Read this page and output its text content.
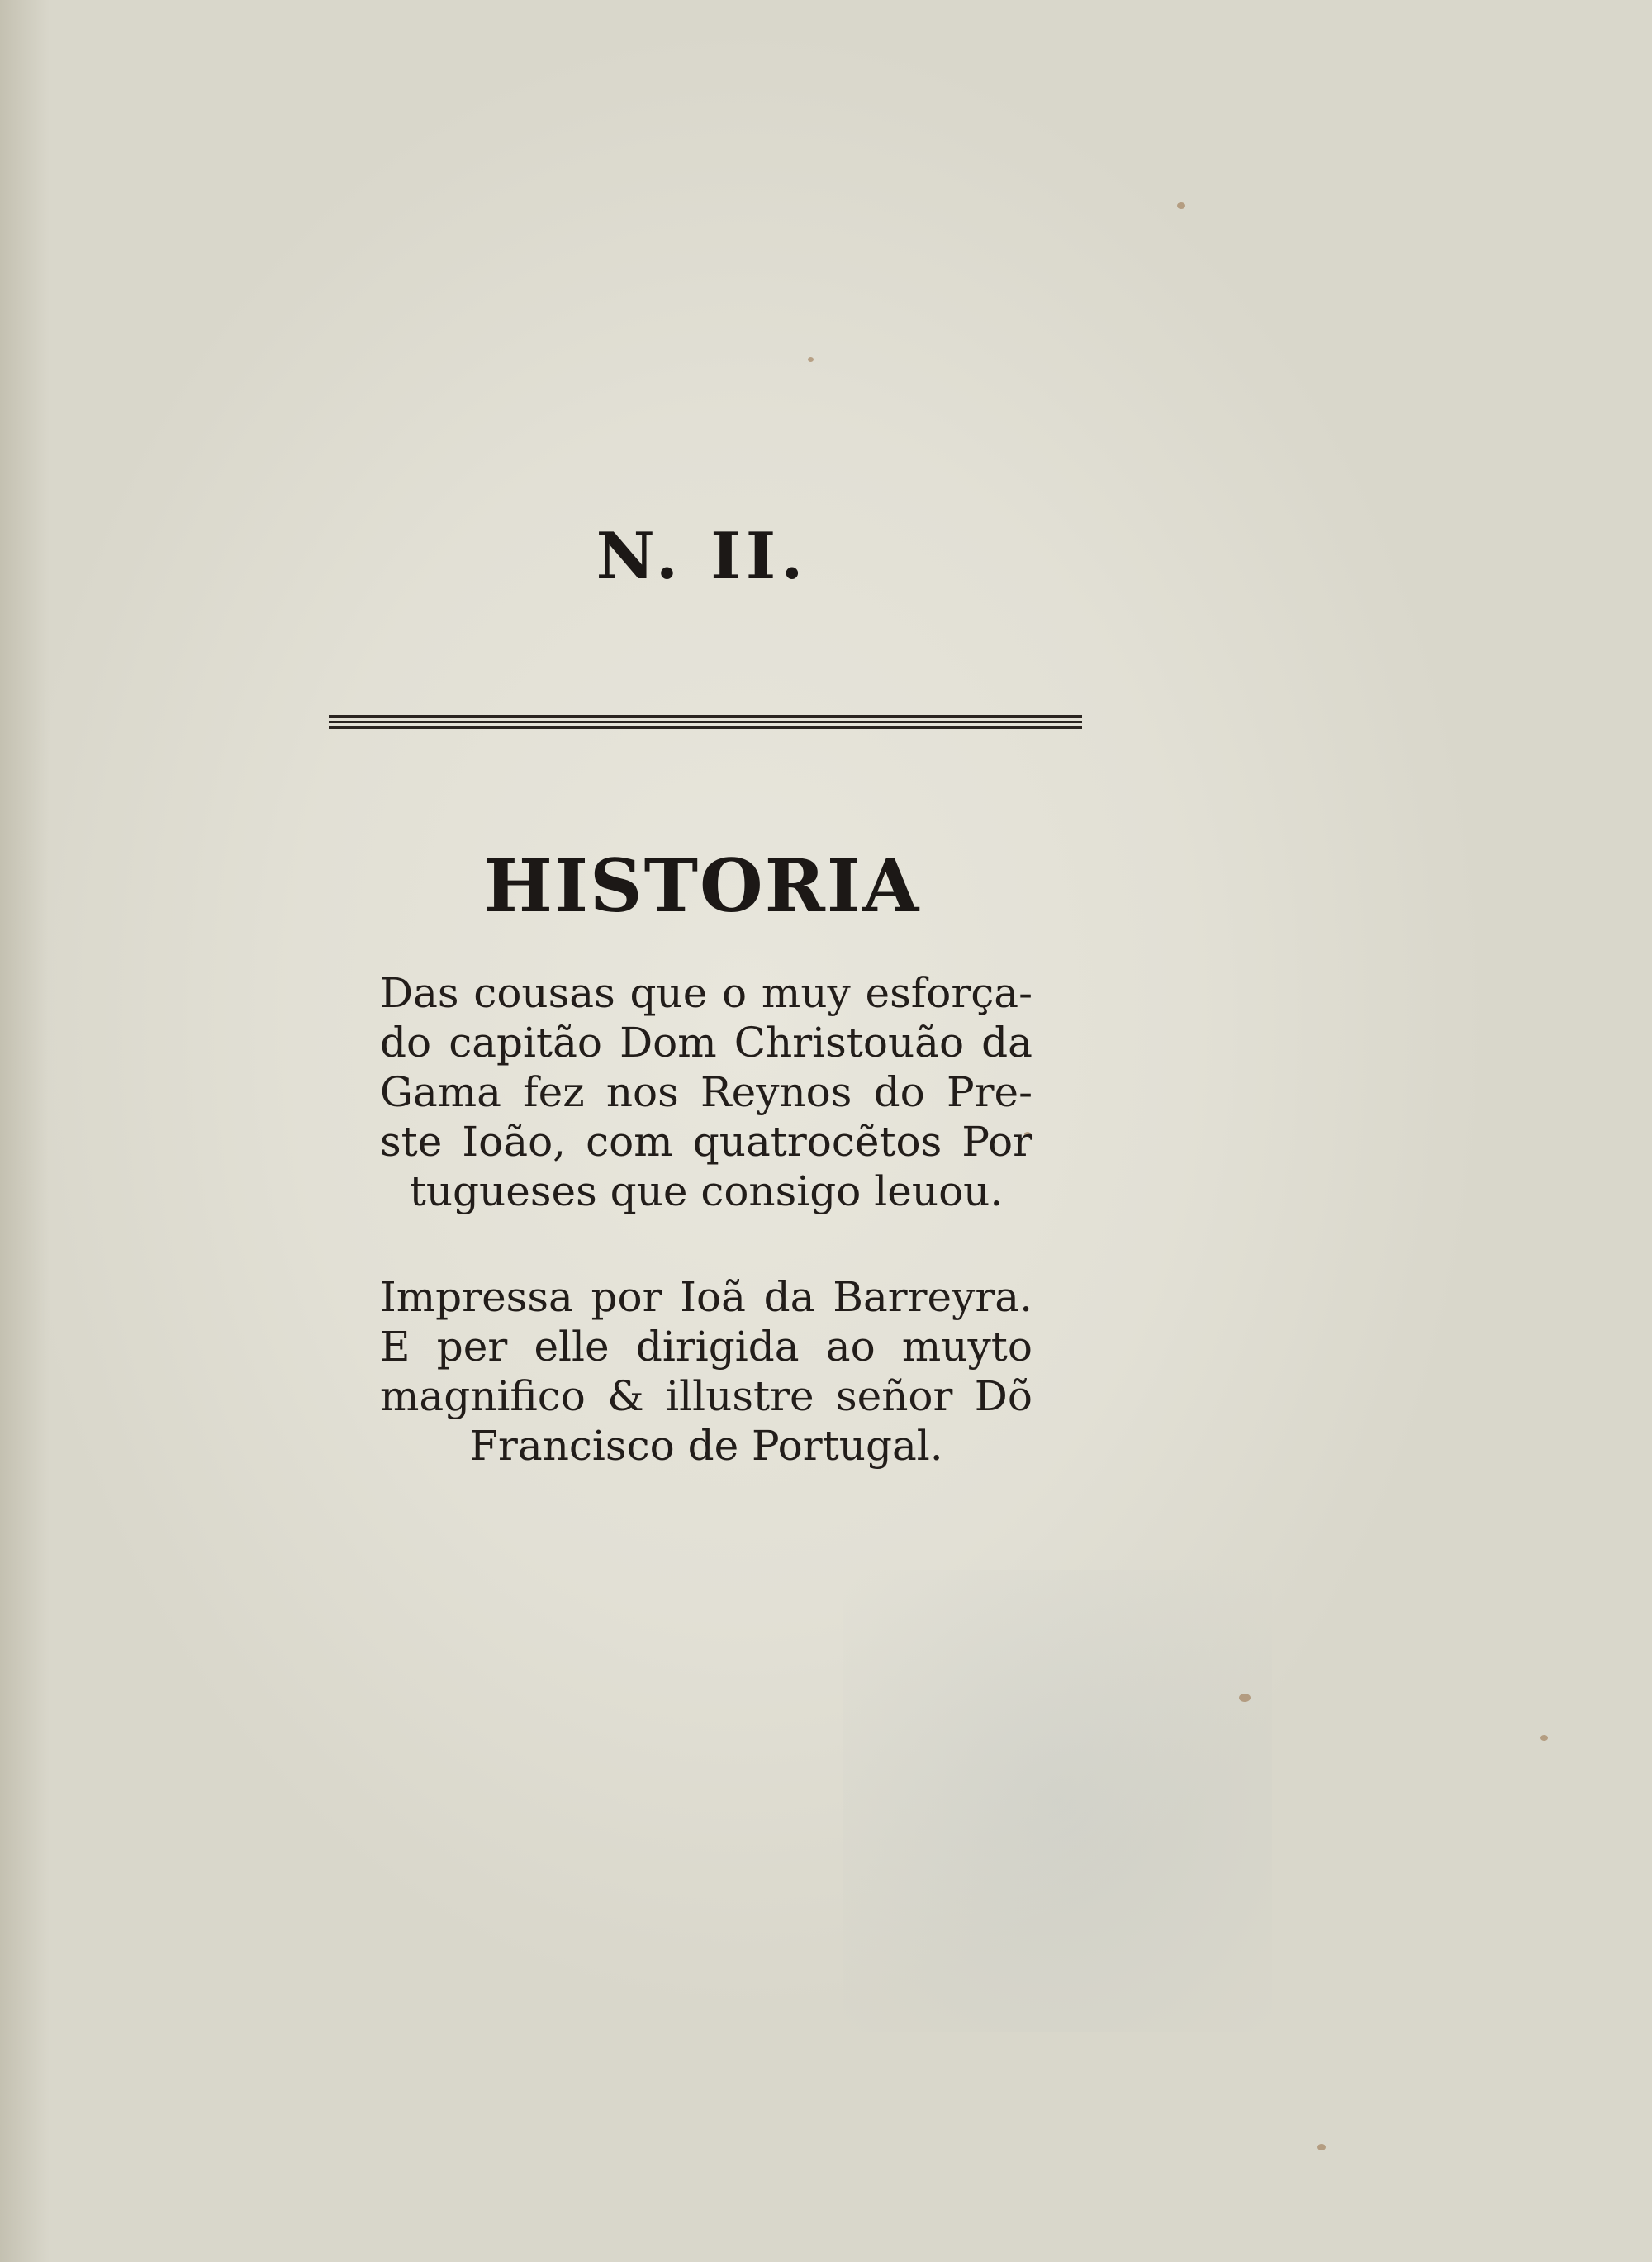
N. II.
HISTORIA
Das cousas que o muy esforça-
do capitão Dom Christouão da
Gama fez nos Reynos do Pre-
ste Ioão, com quatrocẽtos Por
tugueses que consigo leuou.
Impressa por Ioã da Barreyra.
E per elle dirigida ao muyto
magnifico & illustre señor Dõ
Francisco de Portugal.
